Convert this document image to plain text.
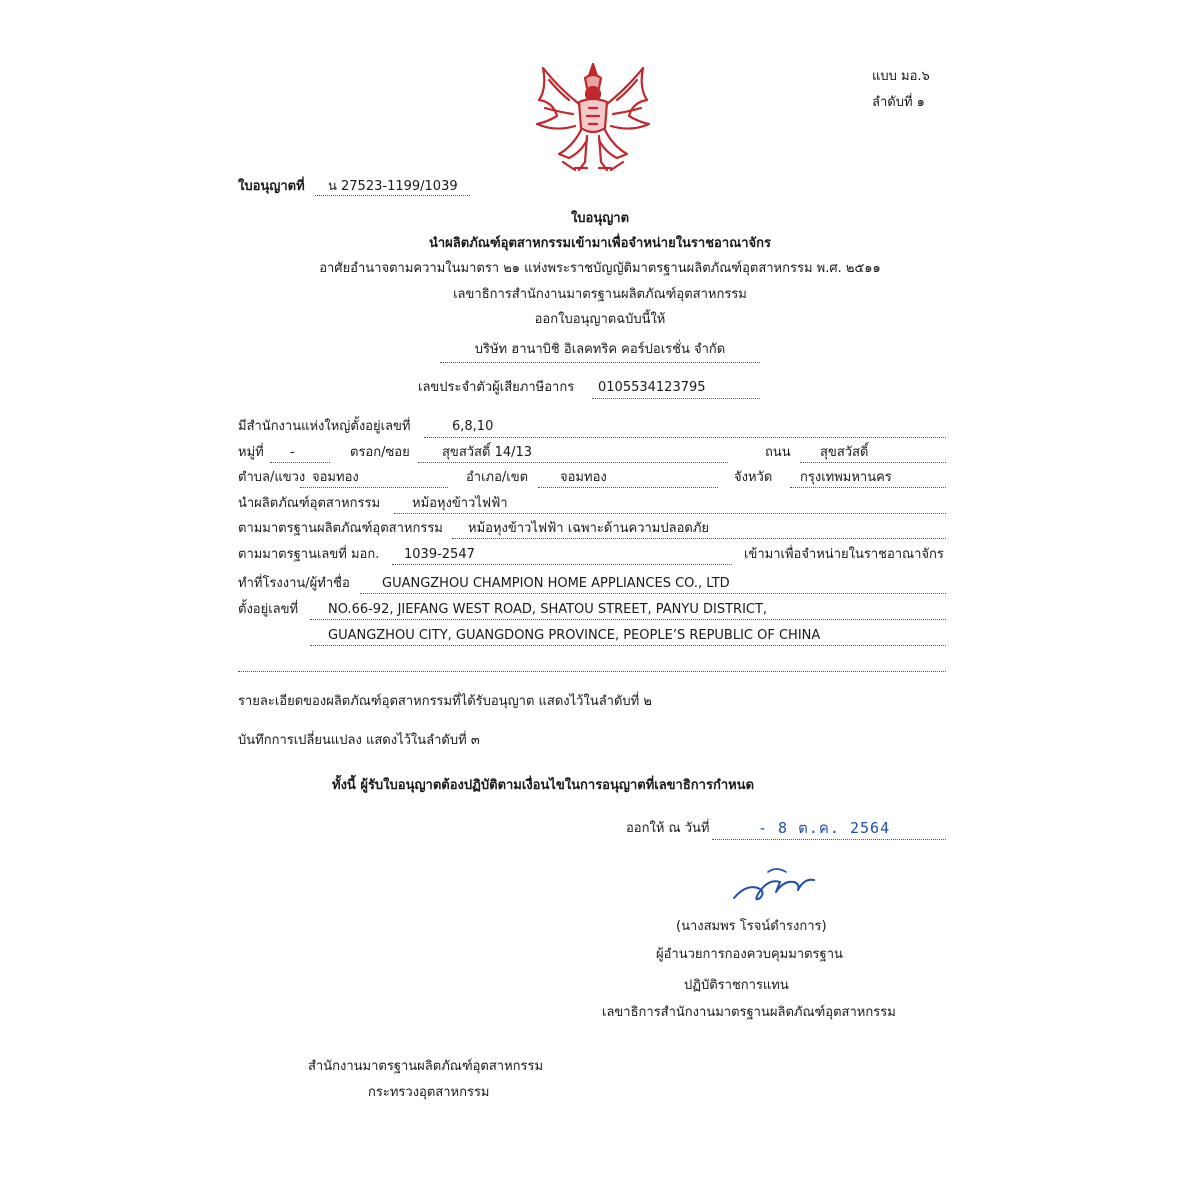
แบบ มอ.๖
ลำดับที่ ๑
ใบอนุญาตที่ น 27523-1199/1039
ใบอนุญาต
นำผลิตภัณฑ์อุตสาหกรรมเข้ามาเพื่อจำหน่ายในราชอาณาจักร
อาศัยอำนาจตามความในมาตรา ๒๑ แห่งพระราชบัญญัติมาตรฐานผลิตภัณฑ์อุตสาหกรรม พ.ศ. ๒๕๑๑
เลขาธิการสำนักงานมาตรฐานผลิตภัณฑ์อุตสาหกรรม
ออกใบอนุญาตฉบับนี้ให้
บริษัท ฮานาบิชิ อิเลคทริค คอร์ปอเรชั่น จำกัด
เลขประจำตัวผู้เสียภาษีอากร 0105534123795
มีสำนักงานแห่งใหญ่ตั้งอยู่เลขที่	6,8,10
หมู่ที่ -	ตรอก/ซอย สุขสวัสดิ์ 14/13	ถนน สุขสวัสดิ์
ตำบล/แขวง จอมทอง	อำเภอ/เขต จอมทอง	จังหวัด กรุงเทพมหานคร
นำผลิตภัณฑ์อุตสาหกรรม หม้อหุงข้าวไฟฟ้า
ตามมาตรฐานผลิตภัณฑ์อุตสาหกรรม หม้อหุงข้าวไฟฟ้า เฉพาะด้านความปลอดภัย
ตามมาตรฐานเลขที่ มอก. 1039-2547	เข้ามาเพื่อจำหน่ายในราชอาณาจักร
ทำที่โรงงาน/ผู้ทำชื่อ GUANGZHOU CHAMPION HOME APPLIANCES CO., LTD
ตั้งอยู่เลขที่ NO.66-92, JIEFANG WEST ROAD, SHATOU STREET, PANYU DISTRICT,
GUANGZHOU CITY, GUANGDONG PROVINCE, PEOPLE’S REPUBLIC OF CHINA
รายละเอียดของผลิตภัณฑ์อุตสาหกรรมที่ได้รับอนุญาต แสดงไว้ในลำดับที่ ๒
บันทึกการเปลี่ยนแปลง แสดงไว้ในลำดับที่ ๓
ทั้งนี้ ผู้รับใบอนุญาตต้องปฏิบัติตามเงื่อนไขในการอนุญาตที่เลขาธิการกำหนด
ออกให้ ณ วันที่	- 8 ต.ค. 2564
(นางสมพร โรจน์ดำรงการ)
ผู้อำนวยการกองควบคุมมาตรฐาน
ปฏิบัติราชการแทน
เลขาธิการสำนักงานมาตรฐานผลิตภัณฑ์อุตสาหกรรม
สำนักงานมาตรฐานผลิตภัณฑ์อุตสาหกรรม
กระทรวงอุตสาหกรรม
